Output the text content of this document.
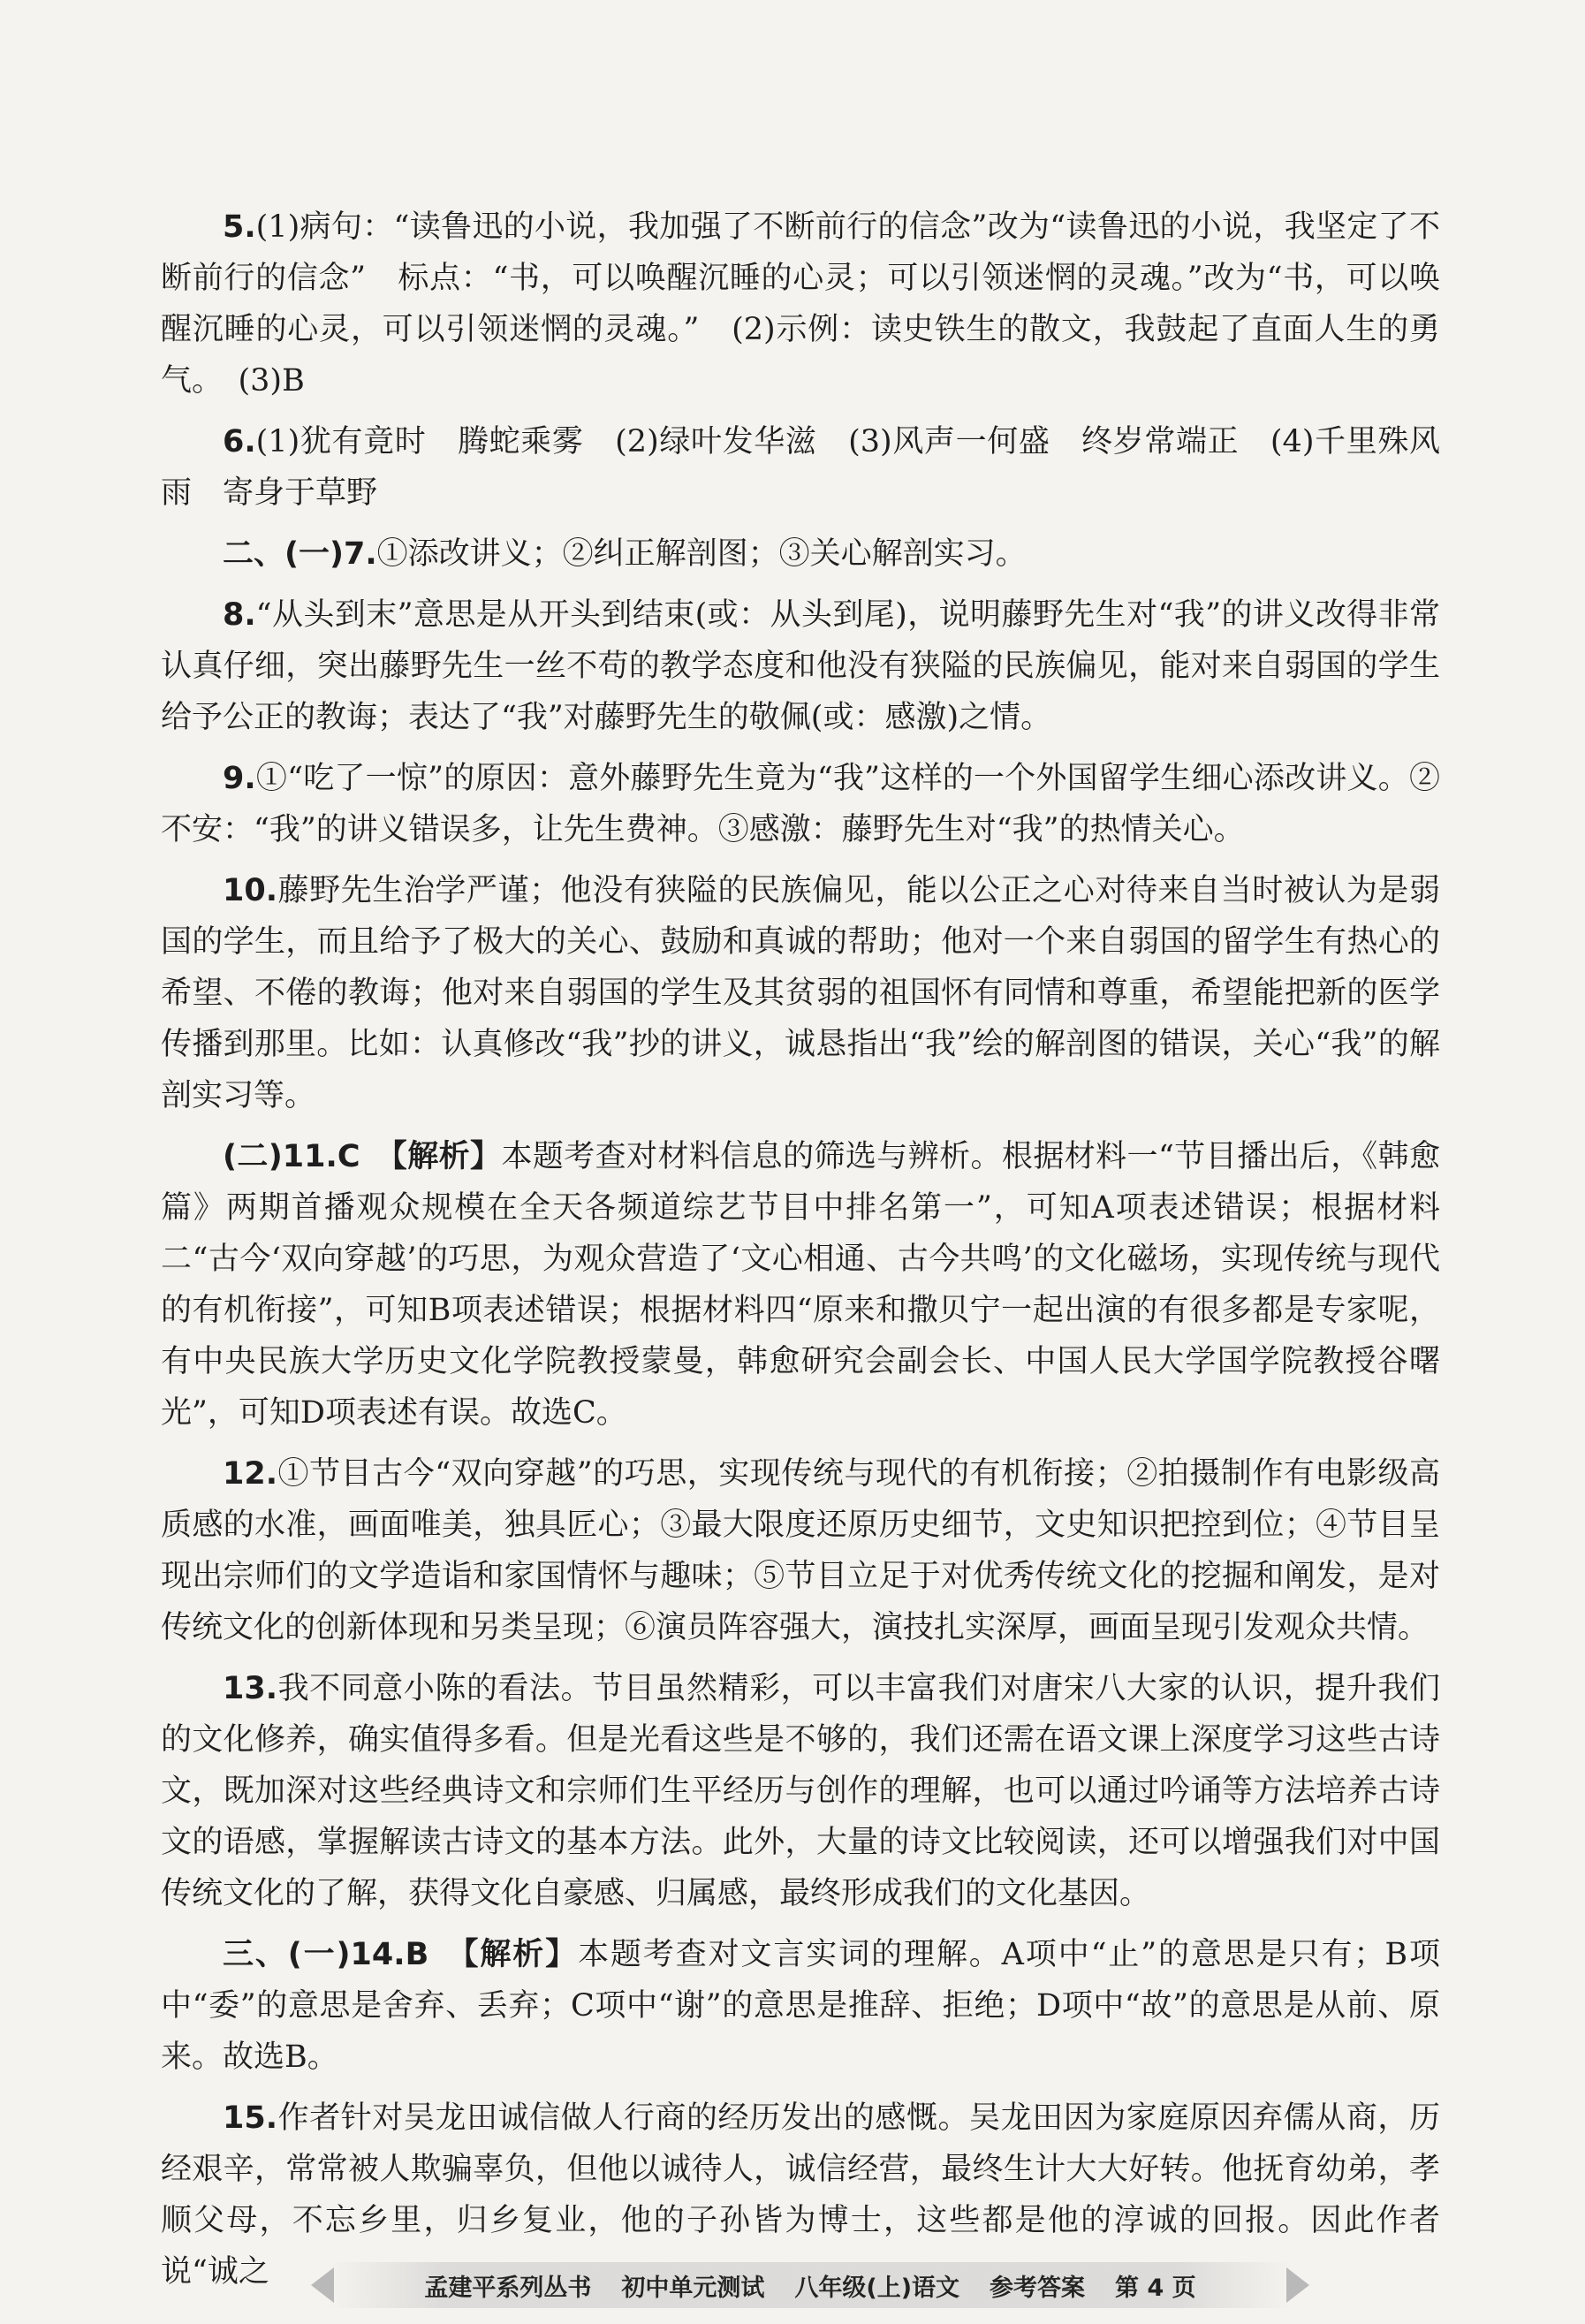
5.(1)病句：“读鲁迅的小说，我加强了不断前行的信念”改为“读鲁迅的小说，我坚定了不断前行的信念”　标点：“书，可以唤醒沉睡的心灵；可以引领迷惘的灵魂。”改为“书，可以唤醒沉睡的心灵，可以引领迷惘的灵魂。”　(2)示例：读史铁生的散文，我鼓起了直面人生的勇气。　(3)B

6.(1)犹有竟时　腾蛇乘雾　(2)绿叶发华滋　(3)风声一何盛　终岁常端正　(4)千里殊风雨　寄身于草野

二、(一)7.①添改讲义；②纠正解剖图；③关心解剖实习。

8.“从头到末”意思是从开头到结束(或：从头到尾)，说明藤野先生对“我”的讲义改得非常认真仔细，突出藤野先生一丝不苟的教学态度和他没有狭隘的民族偏见，能对来自弱国的学生给予公正的教诲；表达了“我”对藤野先生的敬佩(或：感激)之情。

9.①“吃了一惊”的原因：意外藤野先生竟为“我”这样的一个外国留学生细心添改讲义。②不安：“我”的讲义错误多，让先生费神。③感激：藤野先生对“我”的热情关心。

10.藤野先生治学严谨；他没有狭隘的民族偏见，能以公正之心对待来自当时被认为是弱国的学生，而且给予了极大的关心、鼓励和真诚的帮助；他对一个来自弱国的留学生有热心的希望、不倦的教诲；他对来自弱国的学生及其贫弱的祖国怀有同情和尊重，希望能把新的医学传播到那里。比如：认真修改“我”抄的讲义，诚恳指出“我”绘的解剖图的错误，关心“我”的解剖实习等。

(二)11.C　【解析】本题考查对材料信息的筛选与辨析。根据材料一“节目播出后，《韩愈篇》两期首播观众规模在全天各频道综艺节目中排名第一”，可知A项表述错误；根据材料二“古今‘双向穿越’的巧思，为观众营造了‘文心相通、古今共鸣’的文化磁场，实现传统与现代的有机衔接”，可知B项表述错误；根据材料四“原来和撒贝宁一起出演的有很多都是专家呢，有中央民族大学历史文化学院教授蒙曼，韩愈研究会副会长、中国人民大学国学院教授谷曙光”，可知D项表述有误。故选C。

12.①节目古今“双向穿越”的巧思，实现传统与现代的有机衔接；②拍摄制作有电影级高质感的水准，画面唯美，独具匠心；③最大限度还原历史细节，文史知识把控到位；④节目呈现出宗师们的文学造诣和家国情怀与趣味；⑤节目立足于对优秀传统文化的挖掘和阐发，是对传统文化的创新体现和另类呈现；⑥演员阵容强大，演技扎实深厚，画面呈现引发观众共情。

13.我不同意小陈的看法。节目虽然精彩，可以丰富我们对唐宋八大家的认识，提升我们的文化修养，确实值得多看。但是光看这些是不够的，我们还需在语文课上深度学习这些古诗文，既加深对这些经典诗文和宗师们生平经历与创作的理解，也可以通过吟诵等方法培养古诗文的语感，掌握解读古诗文的基本方法。此外，大量的诗文比较阅读，还可以增强我们对中国传统文化的了解，获得文化自豪感、归属感，最终形成我们的文化基因。

三、(一)14.B　【解析】本题考查对文言实词的理解。A项中“止”的意思是只有；B项中“委”的意思是舍弃、丢弃；C项中“谢”的意思是推辞、拒绝；D项中“故”的意思是从前、原来。故选B。

15.作者针对吴龙田诚信做人行商的经历发出的感慨。吴龙田因为家庭原因弃儒从商，历经艰辛，常常被人欺骗辜负，但他以诚待人，诚信经营，最终生计大大好转。他抚育幼弟，孝顺父母，不忘乡里，归乡复业，他的子孙皆为博士，这些都是他的淳诚的回报。因此作者说“诚之	孟建平系列丛书 初中单元测试 八年级(上)语文 参考答案 第 4 页
